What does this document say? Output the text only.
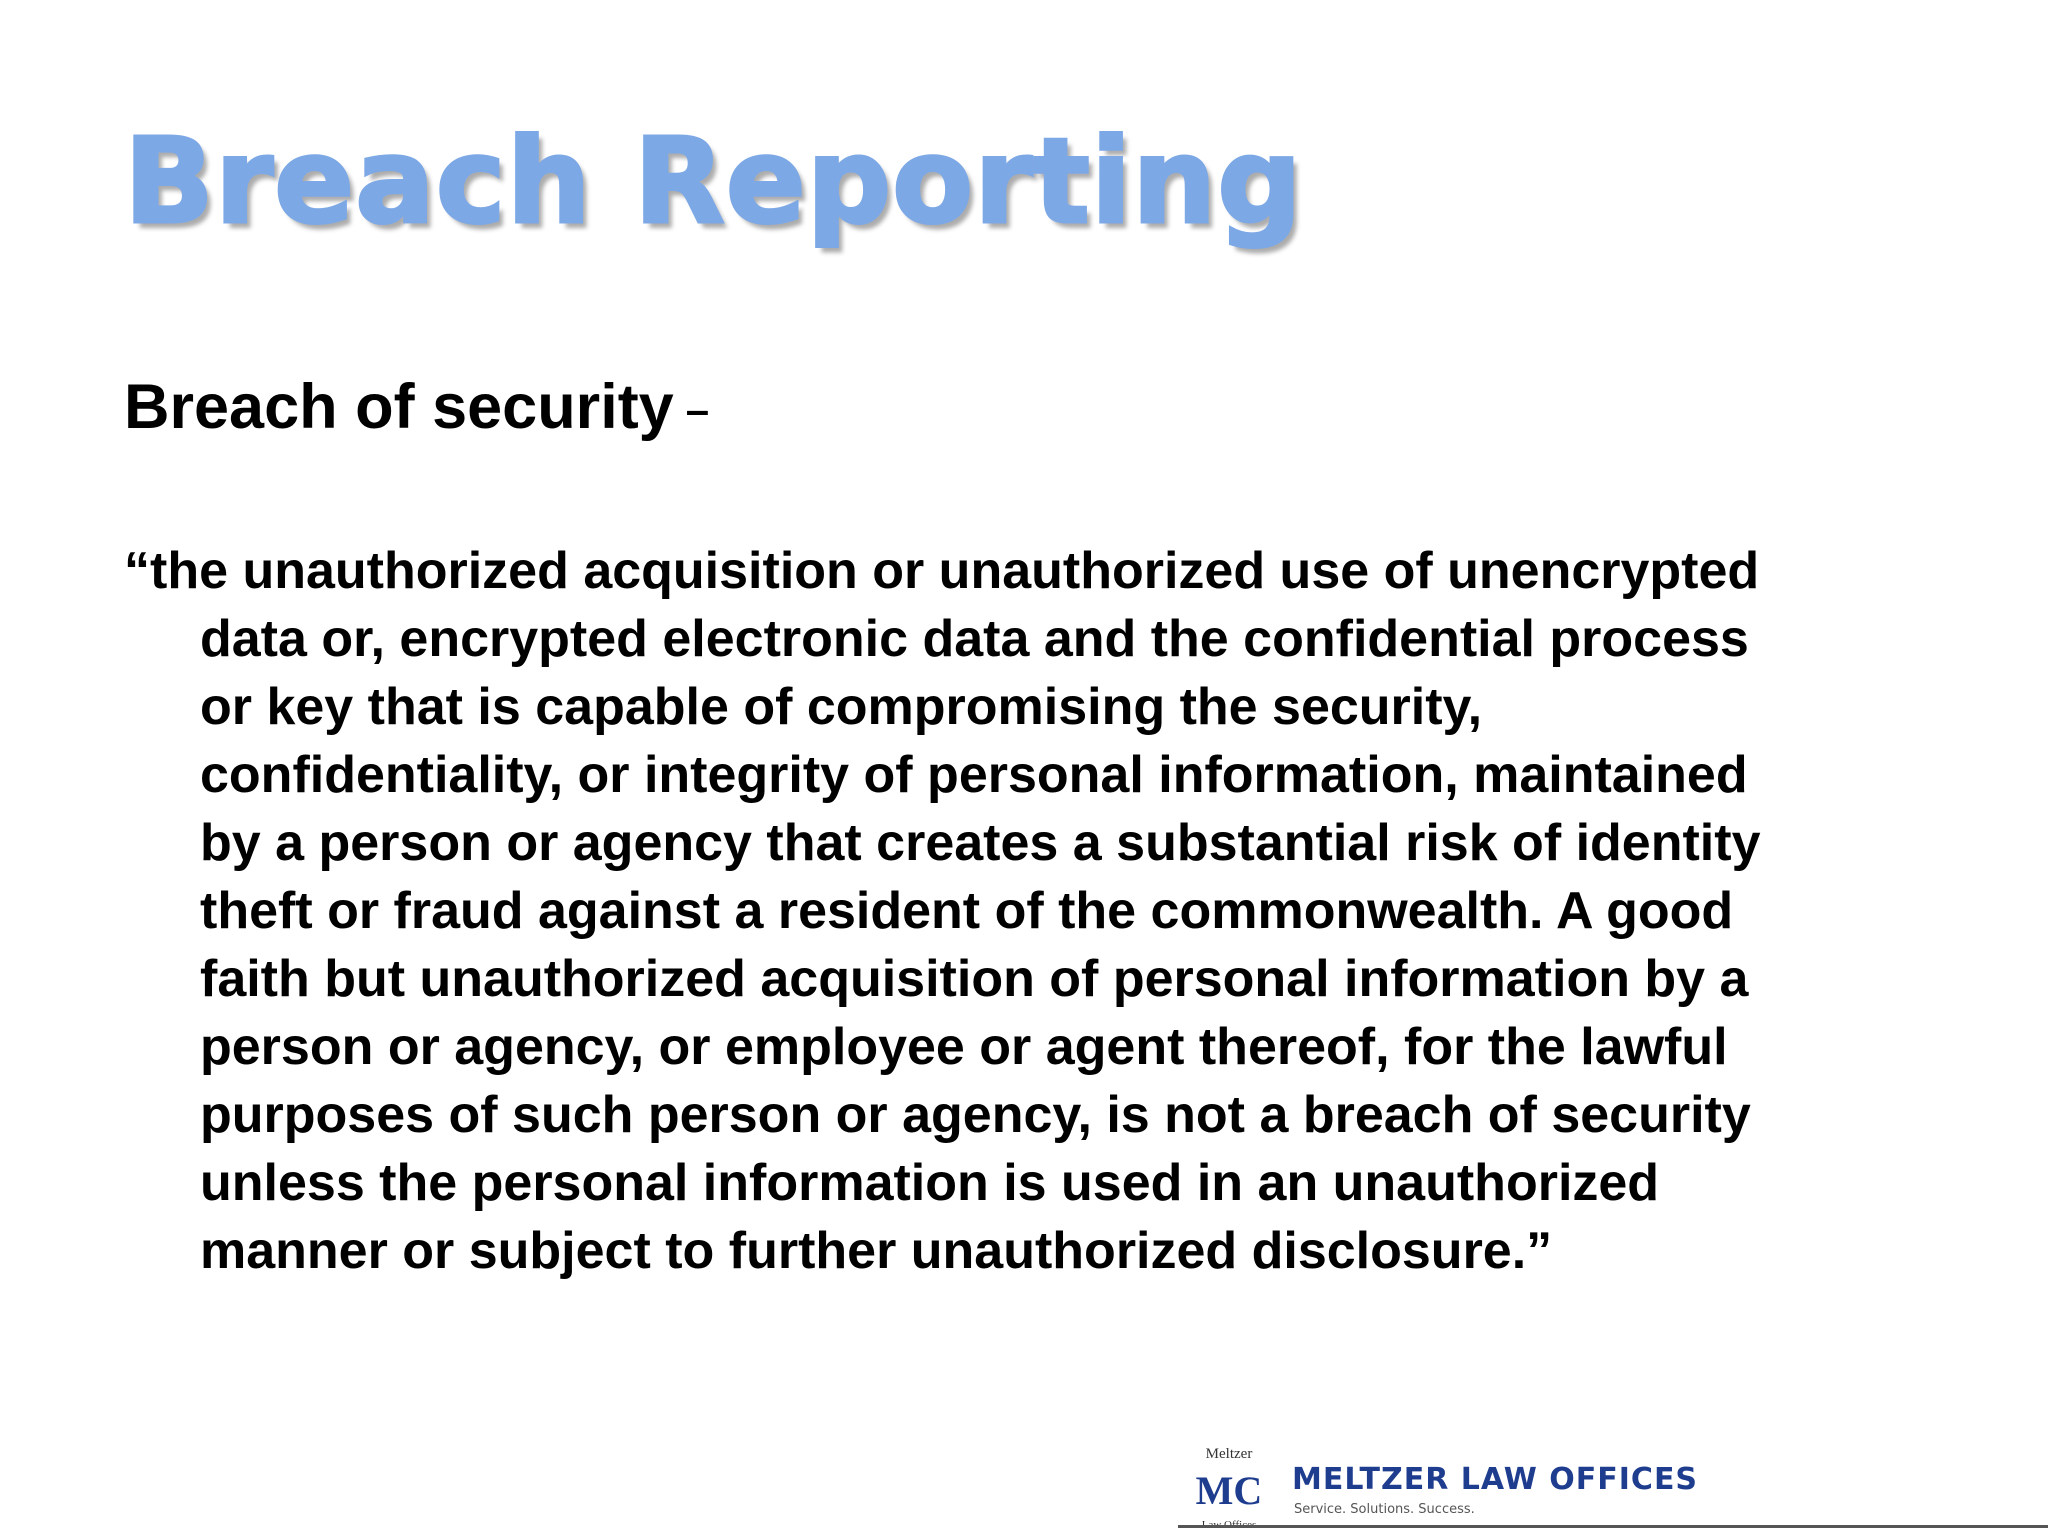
Breach Reporting
Breach of security –

“the unauthorized acquisition or unauthorized use of unencrypted
data or, encrypted electronic data and the confidential process
or key that is capable of compromising the security,
confidentiality, or integrity of personal information, maintained
by a person or agency that creates a substantial risk of identity
theft or fraud against a resident of the commonwealth. A good
faith but unauthorized acquisition of personal information by a
person or agency, or employee or agent thereof, for the lawful
purposes of such person or agency, is not a breach of security
unless the personal information is used in an unauthorized
manner or subject to further unauthorized disclosure.”

Meltzer
MC MELTZER LAW OFFICES
Service. Solutions. Success.
